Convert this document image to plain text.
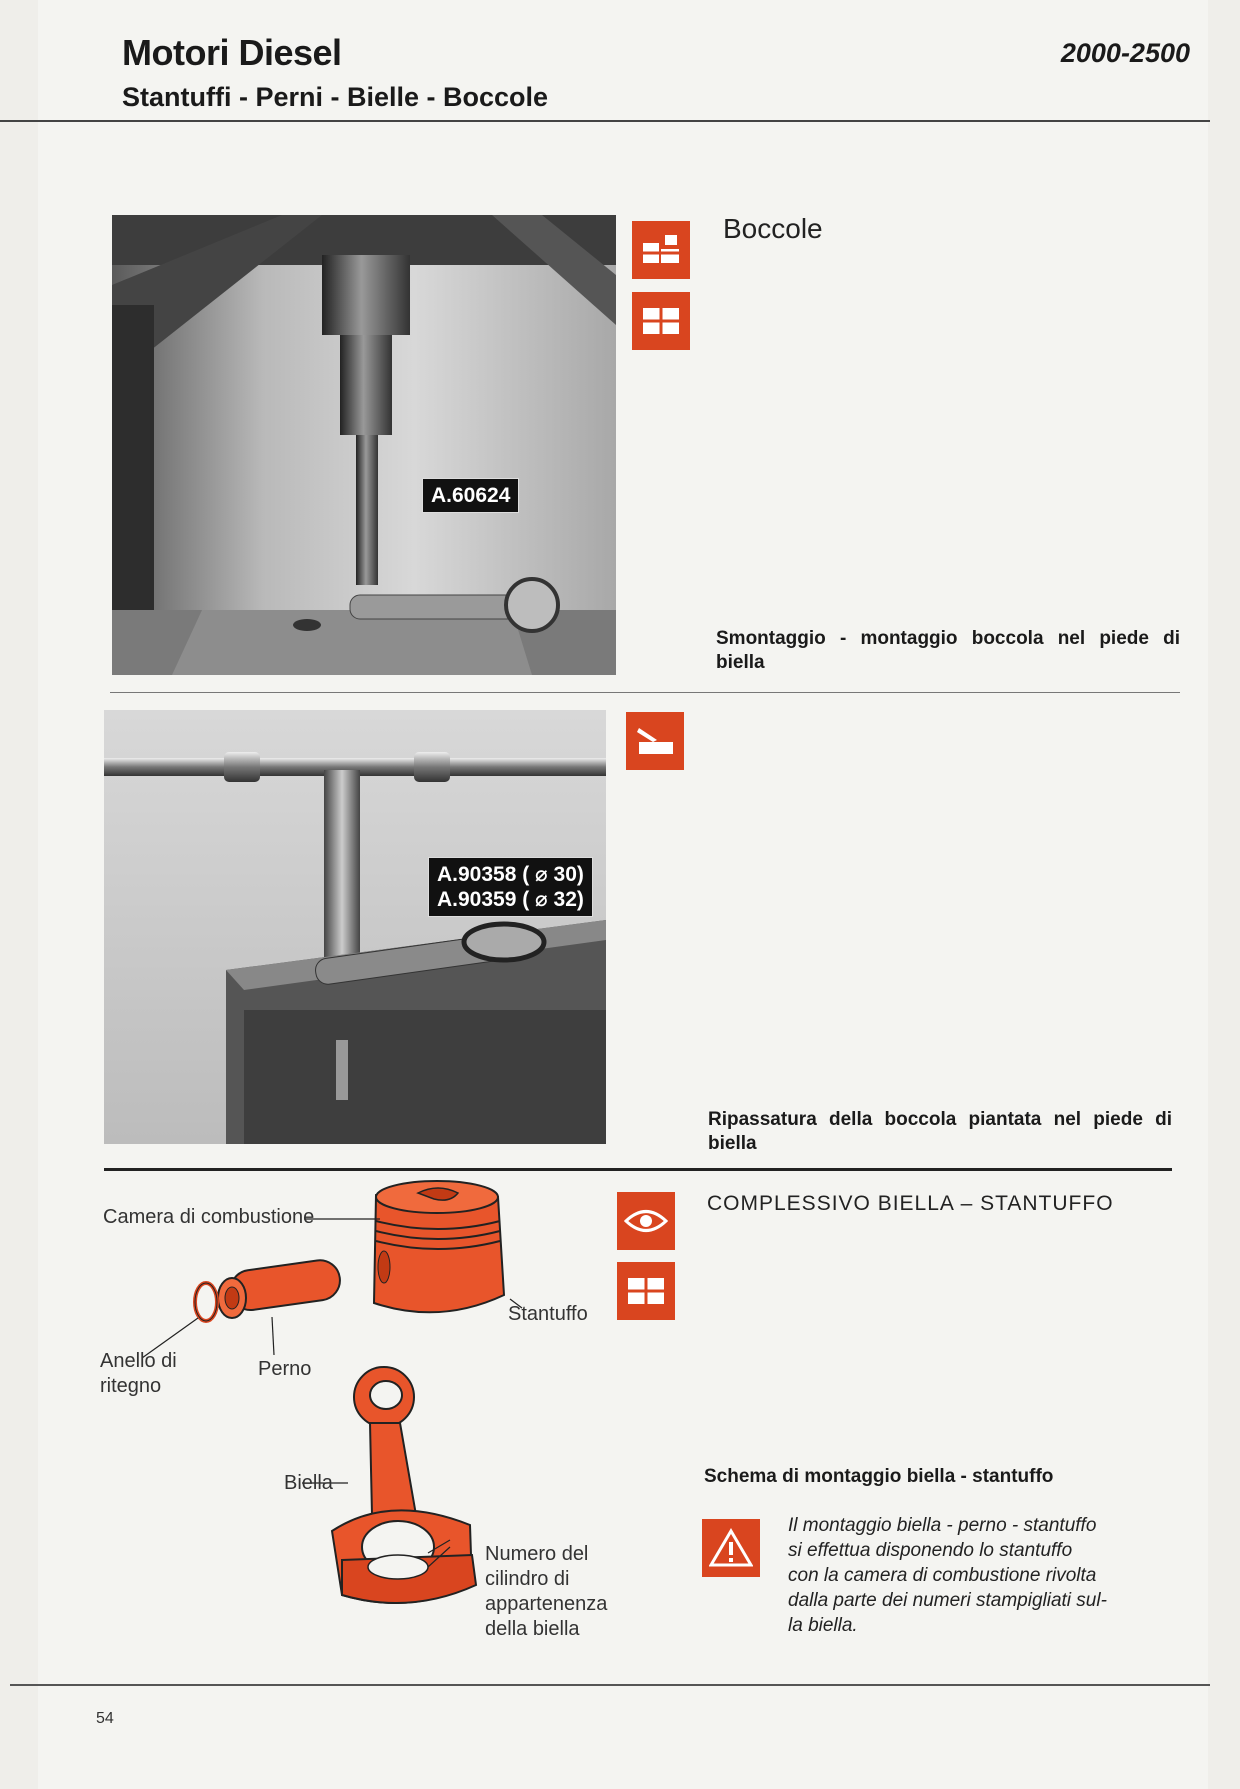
Motori Diesel
Stantuffi - Perni - Bielle - Boccole
2000-2500
A.60624
Boccole
Smontaggio - montaggio boccola nel piede di biella
A.90358 ( ⌀ 30)
A.90359 ( ⌀ 32)
Ripassatura della boccola piantata nel piede di biella
Camera di combustione
Stantuffo
Anello di
ritegno
Perno
Biella
Numero del
cilindro di
appartenenza
della biella
COMPLESSIVO BIELLA – STANTUFFO
Schema di montaggio biella - stantuffo
Il montaggio biella - perno - stantuffo
si effettua disponendo lo stantuffo
con la camera di combustione rivolta
dalla parte dei numeri stampigliati sul-
la biella.
54
